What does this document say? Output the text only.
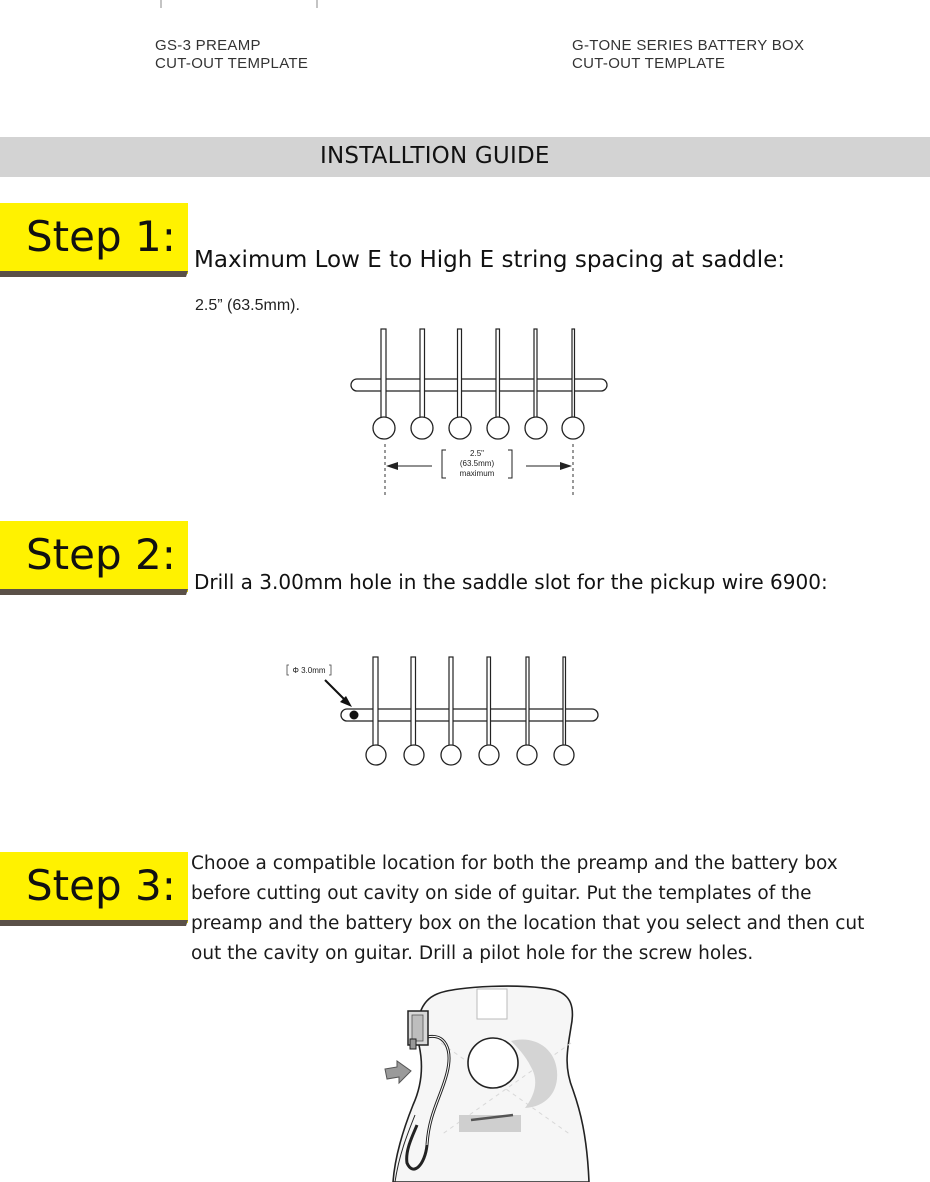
GS-3 PREAMP
CUT-OUT TEMPLATE
G-TONE SERIES BATTERY BOX
CUT-OUT TEMPLATE
INSTALLTION GUIDE
Step 1: Maximum Low E to High E string spacing at saddle:
2.5” (63.5mm).
2.5"
(63.5mm)
maximum
Step 2:
Drill a 3.00mm hole in the saddle slot for the pickup wire 6900:
Φ 3.0mm
Step 3: Chooe a compatible location for both the preamp and the battery box
before cutting out cavity on side of guitar. Put the templates of the
preamp and the battery box on the location that you select and then cut
out the cavity on guitar. Drill a pilot hole for the screw holes.
